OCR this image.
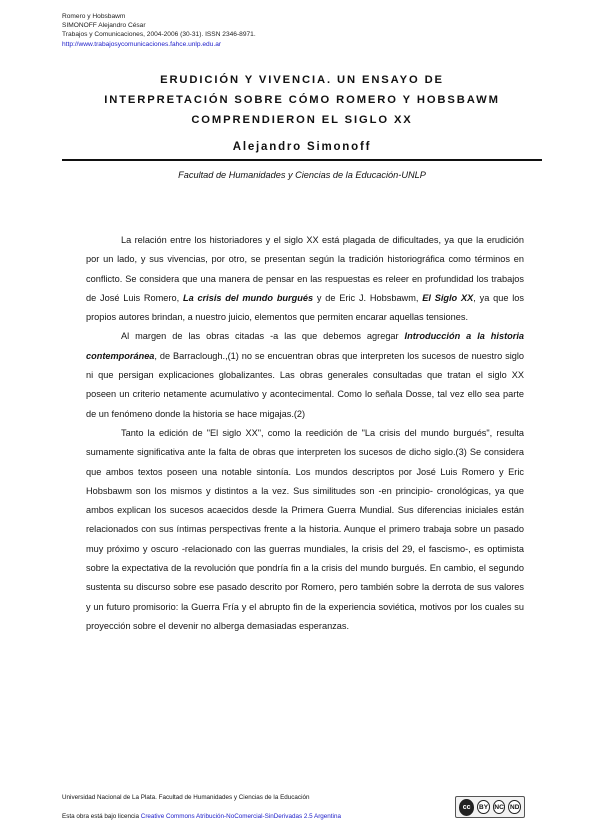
Romero y Hobsbawm
SIMONOFF Alejandro César
Trabajos y Comunicaciones, 2004-2006 (30-31). ISSN 2346-8971.
http://www.trabajosycomunicaciones.fahce.unlp.edu.ar
ERUDICIÓN Y VIVENCIA. UN ENSAYO DE
INTERPRETACIÓN SOBRE CÓMO ROMERO Y HOBSBAWM
COMPRENDIERON EL SIGLO XX
Alejandro Simonoff
Facultad de Humanidades y Ciencias de la Educación-UNLP

La relación entre los historiadores y el siglo XX está plagada de dificultades, ya que la erudición por un lado, y sus vivencias, por otro, se presentan según la tradición historiográfica como términos en conflicto. Se considera que una manera de pensar en las respuestas es releer en profundidad los trabajos de José Luis Romero, La crisis del mundo burgués y de Eric J. Hobsbawm, El Siglo XX, ya que los propios autores brindan, a nuestro juicio, elementos que permiten encarar aquellas tensiones.

Al margen de las obras citadas -a las que debemos agregar Introducción a la historia contemporánea, de Barraclough.,(1) no se encuentran obras que interpreten los sucesos de nuestro siglo ni que persigan explicaciones globalizantes. Las obras generales consultadas que tratan el siglo XX poseen un criterio netamente acumulativo y acontecimental. Como lo señala Dosse, tal vez ello sea parte de un fenómeno donde la historia se hace migajas.(2)

Tanto la edición de "El siglo XX", como la reedición de "La crisis del mundo burgués", resulta sumamente significativa ante la falta de obras que interpreten los sucesos de dicho siglo.(3) Se considera que ambos textos poseen una notable sintonía. Los mundos descriptos por José Luis Romero y Eric Hobsbawm son los mismos y distintos a la vez. Sus similitudes son -en principio- cronológicas, ya que ambos explican los sucesos acaecidos desde la Primera Guerra Mundial. Sus diferencias iniciales están relacionados con sus íntimas perspectivas frente a la historia. Aunque el primero trabaja sobre un pasado muy próximo y oscuro -relacionado con las guerras mundiales, la crisis del 29, el fascismo-, es optimista sobre la expectativa de la revolución que pondría fin a la crisis del mundo burgués. En cambio, el segundo sustenta su discurso sobre ese pasado descrito por Romero, pero también sobre la derrota de sus valores y un futuro promisorio: la Guerra Fría y el abrupto fin de la experiencia soviética, motivos por los cuales su proyección sobre el devenir no alberga demasiadas esperanzas.

Universidad Nacional de La Plata. Facultad de Humanidades y Ciencias de la Educación
Esta obra está bajo licencia Creative Commons Atribución-NoComercial-SinDerivadas 2.5 Argentina
cc	BY NC ND
